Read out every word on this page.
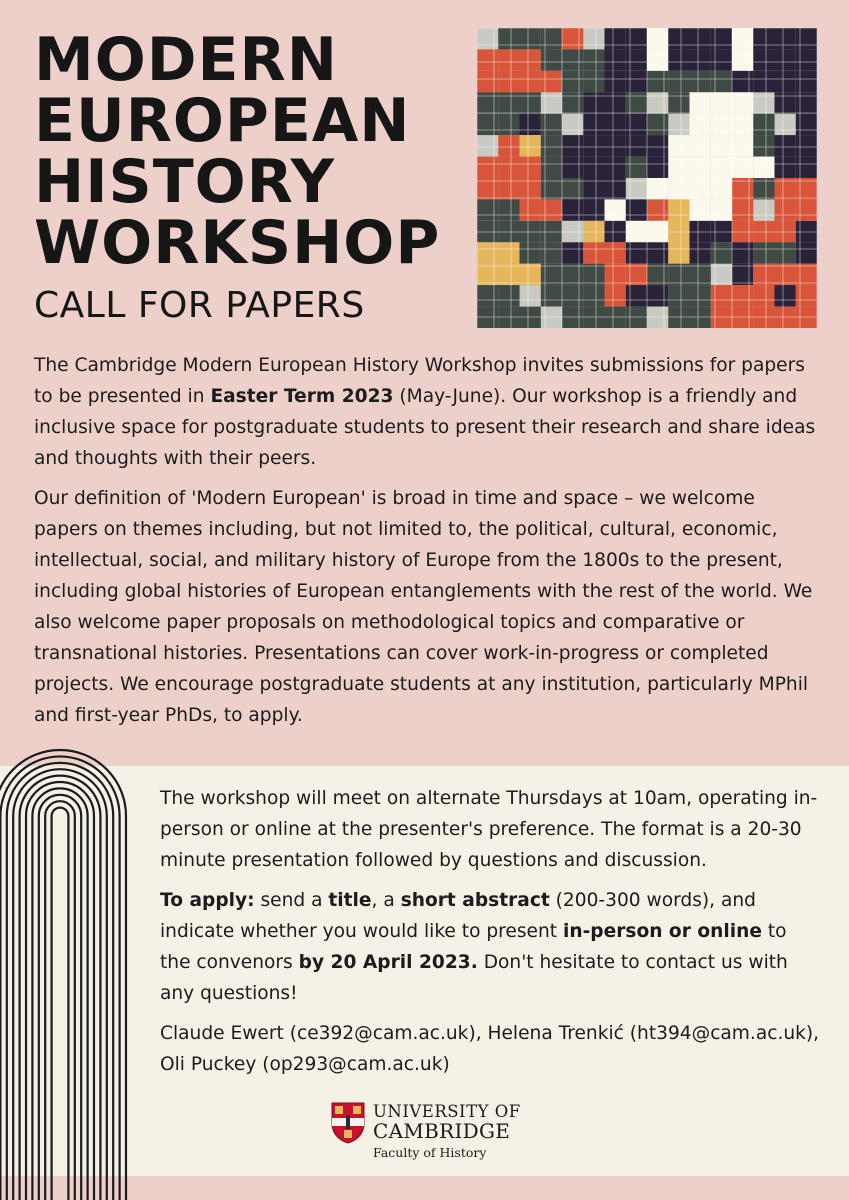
MODERN
EUROPEAN
HISTORY
WORKSHOP
CALL FOR PAPERS

The Cambridge Modern European History Workshop invites submissions for papers to be presented in Easter Term 2023 (May-June). Our workshop is a friendly and inclusive space for postgraduate students to present their research and share ideas and thoughts with their peers.

Our definition of 'Modern European' is broad in time and space – we welcome papers on themes including, but not limited to, the political, cultural, economic, intellectual, social, and military history of Europe from the 1800s to the present, including global histories of European entanglements with the rest of the world. We also welcome paper proposals on methodological topics and comparative or transnational histories. Presentations can cover work-in-progress or completed projects. We encourage postgraduate students at any institution, particularly MPhil and first-year PhDs, to apply.

The workshop will meet on alternate Thursdays at 10am, operating in-person or online at the presenter's preference. The format is a 20-30 minute presentation followed by questions and discussion.

To apply: send a title, a short abstract (200-300 words), and indicate whether you would like to present in-person or online to the convenors by 20 April 2023. Don't hesitate to contact us with any questions!

Claude Ewert (ce392@cam.ac.uk), Helena Trenkić (ht394@cam.ac.uk), Oli Puckey (op293@cam.ac.uk)

UNIVERSITY OF
CAMBRIDGE
Faculty of History
